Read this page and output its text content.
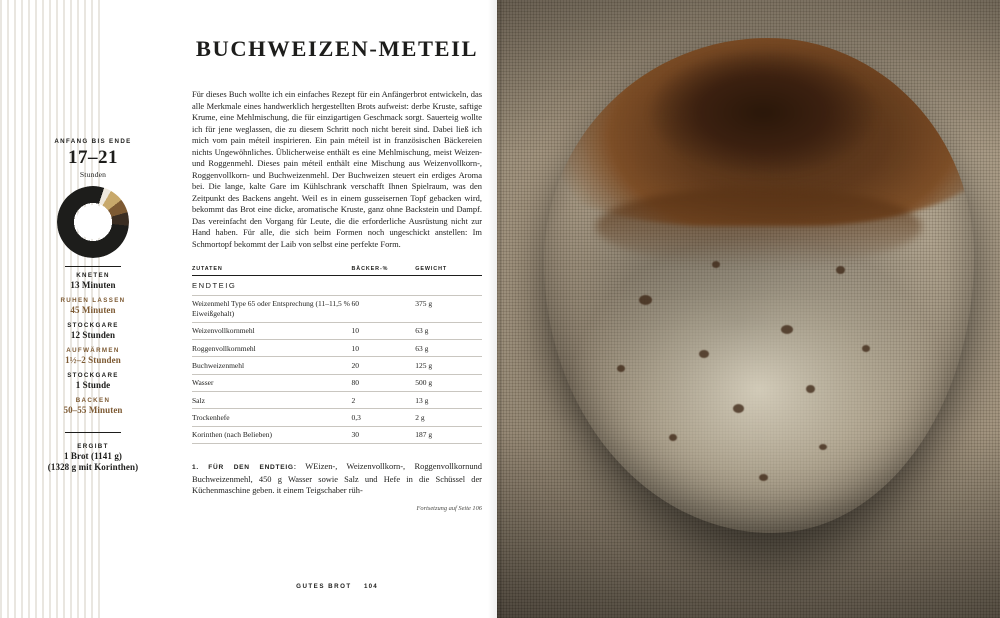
ANFANG BIS ENDE
17–21
Stunden
KNETEN
13 Minuten
RUHEN LASSEN
45 Minuten
STOCKGARE
12 Stunden
AUFWÄRMEN
1½–2 Stunden
STOCKGARE
1 Stunde
BACKEN
50–55 Minuten
ERGIBT
1 Brot (1141 g)
(1328 g mit Korinthen)
BUCHWEIZEN-METEIL

Für dieses Buch wollte ich ein einfaches Rezept für ein Anfängerbrot entwickeln, das alle Merkmale eines handwerklich hergestellten Brots aufweist: derbe Kruste, saftige Krume, eine Mehlmischung, die für einzigartigen Geschmack sorgt. Sauerteig wollte ich für jene weglassen, die zu diesem Schritt noch nicht bereit sind. Dabei ließ ich mich vom pain méteil inspirieren. Ein pain méteil ist in französischen Bäckereien nichts Ungewöhnliches. Üblicherweise enthält es eine Mehlmischung, meist Weizen- und Roggenmehl. Dieses pain méteil enthält eine Mischung aus Weizenvollkorn-, Roggenvollkorn- und Buchweizenmehl. Der Buchweizen steuert ein erdiges Aroma bei. Die lange, kalte Gare im Kühlschrank verschafft Ihnen Spielraum, was den Zeitpunkt des Backens angeht. Weil es in einem gusseisernen Topf gebacken wird, bekommt das Brot eine dicke, aromatische Kruste, ganz ohne Backstein und Dampf. Das vereinfacht den Vorgang für Leute, die die erforderliche Ausrüstung nicht zur Hand haben. Für alle, die sich beim Formen noch ungeschickt anstellen: Im Schmortopf bekommt der Laib von selbst eine perfekte Form.

ZUTATEN	BÄCKER-%	GEWICHT
ENDTEIG		
Weizenmehl Type 65 oder Entsprechung (11–11,5 % Eiweißgehalt)	60	375 g
Weizenvollkornmehl	10	63 g
Roggenvollkornmehl	10	63 g
Buchweizenmehl	20	125 g
Wasser	80	500 g
Salz	2	13 g
Trockenhefe	0,3	2 g
Korinthen (nach Belieben)	30	187 g

1. FÜR DEN ENDTEIG: WEizen-, Weizenvollkorn-, Roggenvollkornund Buchweizenmehl, 450 g Wasser sowie Salz und Hefe in die Schüssel der Küchenmaschine geben. it einem Teigschaber rüh-

Fortsetzung auf Seite 106
GUTES BROT 104
